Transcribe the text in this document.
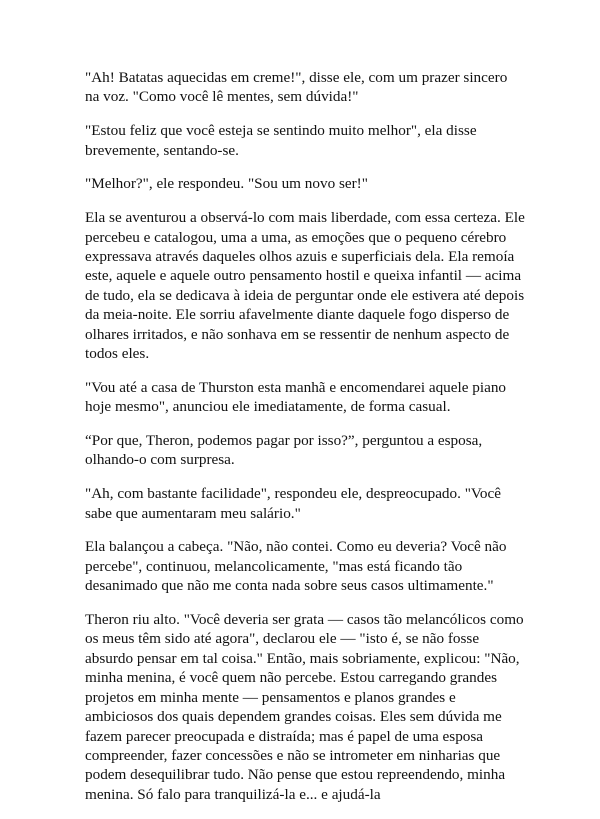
"Ah! Batatas aquecidas em creme!", disse ele, com um prazer sincero na voz. "Como você lê mentes, sem dúvida!"

"Estou feliz que você esteja se sentindo muito melhor", ela disse brevemente, sentando-se.

"Melhor?", ele respondeu. "Sou um novo ser!"

Ela se aventurou a observá-lo com mais liberdade, com essa certeza. Ele percebeu e catalogou, uma a uma, as emoções que o pequeno cérebro expressava através daqueles olhos azuis e superficiais dela. Ela remoía este, aquele e aquele outro pensamento hostil e queixa infantil — acima de tudo, ela se dedicava à ideia de perguntar onde ele estivera até depois da meia-noite. Ele sorriu afavelmente diante daquele fogo disperso de olhares irritados, e não sonhava em se ressentir de nenhum aspecto de todos eles.

"Vou até a casa de Thurston esta manhã e encomendarei aquele piano hoje mesmo", anunciou ele imediatamente, de forma casual.

“Por que, Theron, podemos pagar por isso?”, perguntou a esposa, olhando-o com surpresa.

"Ah, com bastante facilidade", respondeu ele, despreocupado. "Você sabe que aumentaram meu salário."

Ela balançou a cabeça. "Não, não contei. Como eu deveria? Você não percebe", continuou, melancolicamente, "mas está ficando tão desanimado que não me conta nada sobre seus casos ultimamente."

Theron riu alto. "Você deveria ser grata — casos tão melancólicos como os meus têm sido até agora", declarou ele — "isto é, se não fosse absurdo pensar em tal coisa." Então, mais sobriamente, explicou: "Não, minha menina, é você quem não percebe. Estou carregando grandes projetos em minha mente — pensamentos e planos grandes e ambiciosos dos quais dependem grandes coisas. Eles sem dúvida me fazem parecer preocupada e distraída; mas é papel de uma esposa compreender, fazer concessões e não se intrometer em ninharias que podem desequilibrar tudo. Não pense que estou repreendendo, minha menina. Só falo para tranquilizá-la e... e ajudá-la
